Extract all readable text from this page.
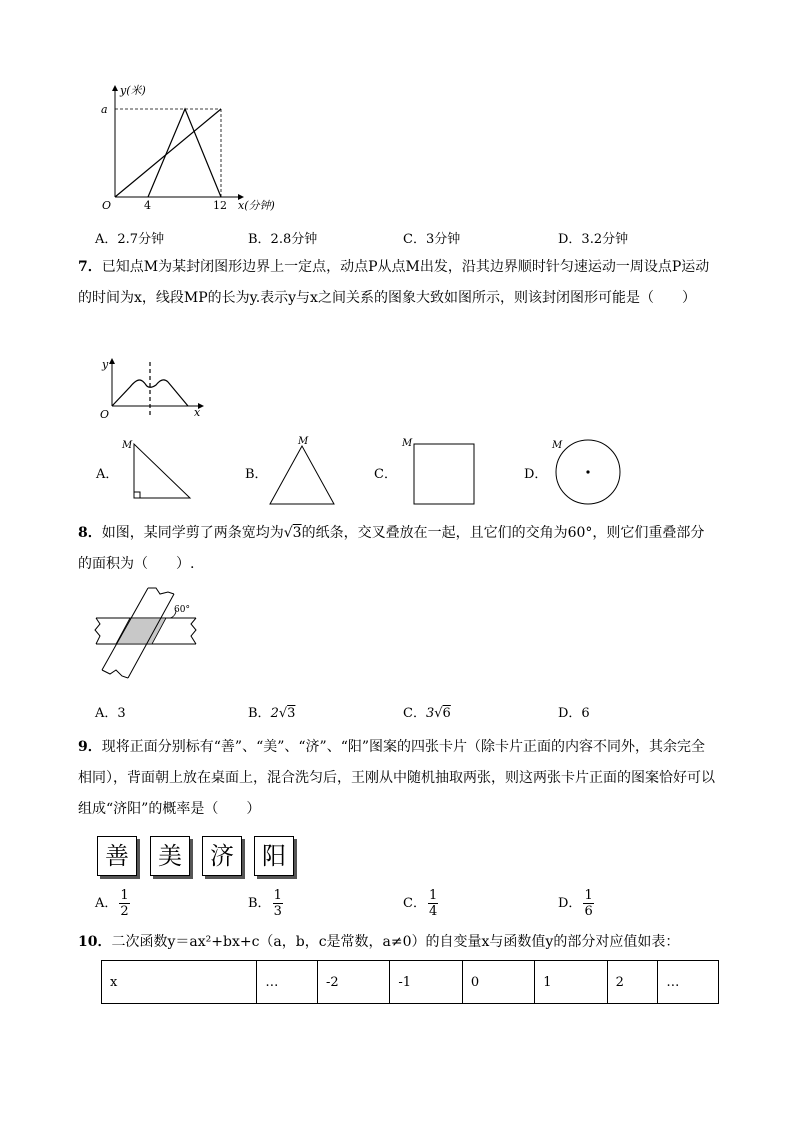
y(米)
a
O	4	12 x(分钟)
A．2.7分钟	B．2.8分钟	C．3分钟	D．3.2分钟
7．已知点M为某封闭图形边界上一定点，动点P从点M出发，沿其边界顺时针匀速运动一周设点P运动的时间为x，线段MP的长为y.表示y与x之间关系的图象大致如图所示，则该封闭图形可能是（　　）
y
O	x
A．
M
B．
M
C．
M
D．
M
8．如图，某同学剪了两条宽均为√3的纸条，交叉叠放在一起，且它们的交角为60°，则它们重叠部分的面积为（　　）.
60°
A．3	B．2√3	C．3√6	D．6
9．现将正面分别标有“善”、“美”、“济”、“阳”图案的四张卡片（除卡片正面的内容不同外，其余完全相同），背面朝上放在桌面上，混合洗匀后，王刚从中随机抽取两张，则这两张卡片正面的图案恰好可以组成“济阳”的概率是（　　）
善	美	济	阳
A． $\frac{1}{2}$	B． $\frac{1}{3}$	C． $\frac{1}{4}$	D． $\frac{1}{6}$
10．二次函数y＝ax²+bx+c（a，b，c是常数，a≠0）的自变量x与函数值y的部分对应值如表：
x	…	-2	-1	0	1	2	…
